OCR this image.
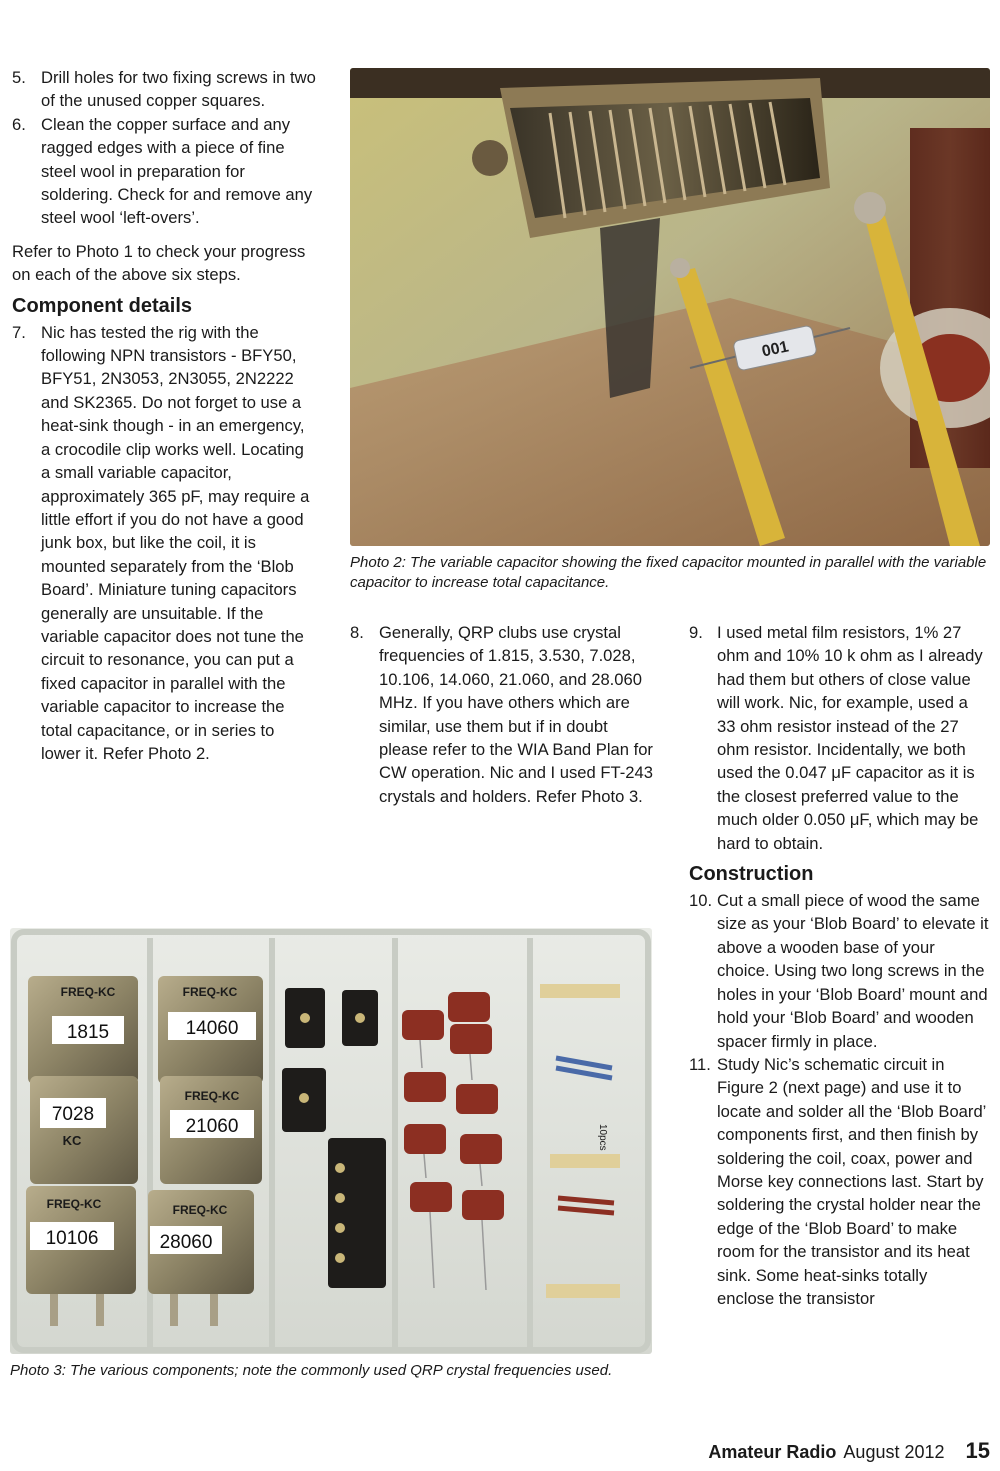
5. Drill holes for two fixing screws in two of the unused copper squares.
6. Clean the copper surface and any ragged edges with a piece of fine steel wool in preparation for soldering. Check for and remove any steel wool ‘left-overs’.

Refer to Photo 1 to check your progress on each of the above six steps.

Component details
7. Nic has tested the rig with the following NPN transistors - BFY50, BFY51, 2N3053, 2N3055, 2N2222 and SK2365. Do not forget to use a heat-sink though - in an emergency, a crocodile clip works well. Locating a small variable capacitor, approximately 365 pF, may require a little effort if you do not have a good junk box, but like the coil, it is mounted separately from the ‘Blob Board’. Miniature tuning capacitors generally are unsuitable. If the variable capacitor does not tune the circuit to resonance, you can put a fixed capacitor in parallel with the variable capacitor to increase the total capacitance, or in series to lower it. Refer Photo 2.
001

Photo 2: The variable capacitor showing the fixed capacitor mounted in parallel with the variable capacitor to increase total capacitance.

8. Generally, QRP clubs use crystal frequencies of 1.815, 3.530, 7.028, 10.106, 14.060, 21.060, and 28.060 MHz. If you have others which are similar, use them but if in doubt please refer to the WIA Band Plan for CW operation. Nic and I used FT-243 crystals and holders. Refer Photo 3.
9. I used metal film resistors, 1% 27 ohm and 10% 10 k ohm as I already had them but others of close value will work. Nic, for example, used a 33 ohm resistor instead of the 27 ohm resistor. Incidentally, we both used the 0.047 μF capacitor as it is the closest preferred value to the much older 0.050 μF, which may be hard to obtain.
Construction
10. Cut a small piece of wood the same size as your ‘Blob Board’ to elevate it above a wooden base of your choice. Using two long screws in the holes in your ‘Blob Board’ mount and hold your ‘Blob Board’ and wooden spacer firmly in place.
11. Study Nic’s schematic circuit in Figure 2 (next page) and use it to locate and solder all the ‘Blob Board’ components first, and then finish by soldering the coil, coax, power and Morse key connections last. Start by soldering the crystal holder near the edge of the ‘Blob Board’ to make room for the transistor and its heat sink. Some heat-sinks totally enclose the transistor
FREQ-KC
1815
FREQ-KC
14060
KC
7028
FREQ-KC
21060
FREQ-KC
10106
FREQ-KC
28060
10pcs

Photo 3: The various components; note the commonly used QRP crystal frequencies used.

Amateur Radio August 2012 15
